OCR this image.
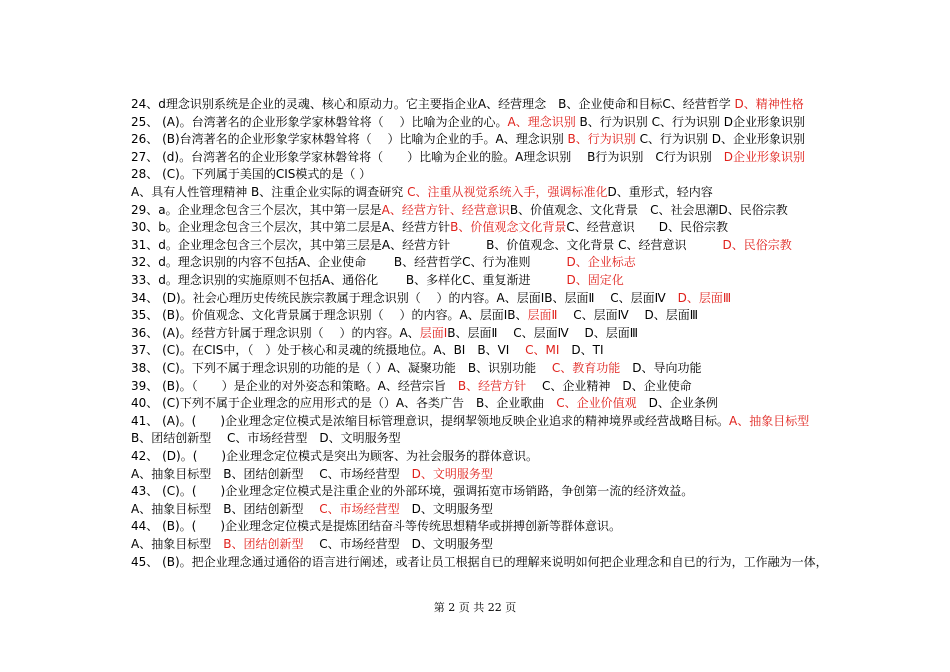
24、d理念识别系统是企业的灵魂、核心和原动力。它主要指企业A、经营理念　B、企业使命和目标C、经营哲学 D、精神性格
25、 (A)。台湾著名的企业形象学家林磐耸将（　 ）比喻为企业的心。A、理念识别 B、行为识别 C、行为识别 D企业形象识别
26、 (B)台湾著名的企业形象学家林磐耸将（　 ）比喻为企业的手。A、理念识别 B、行为识别 C、行为识别 D、企业形象识别
27、 (d)。台湾著名的企业形象学家林磐耸将（　　）比喻为企业的脸。A理念识别　 B行为识别　C行为识别　D企业形象识别
28、 (C)。下列属于美国的CIS模式的是（ ）
A、具有人性管理精神 B、注重企业实际的调查研究 C、注重从视觉系统入手，强调标准化D、重形式，轻内容
29、a。企业理念包含三个层次，其中第一层是A、经营方针、经营意识B、价值观念、文化背景　C、社会思潮D、民俗宗教
30、b。企业理念包含三个层次，其中第二层是A、经营方针B、价值观念文化背景C、经营意识　　D、民俗宗教
31、d。企业理念包含三个层次，其中第三层是A、经营方针　　　B、价值观念、文化背景 C、经营意识　　　D、民俗宗教
32、d。理念识别的内容不包括A、企业使命　　 B、经营哲学C、行为准则　　　D、企业标志
33、d。理念识别的实施原则不包括A、通俗化　　 B、多样化C、重复渐进　　　D、固定化
34、 (D)。社会心理历史传统民族宗教属于理念识别（　 ）的内容。A、层面ⅠB、层面Ⅱ　 C、层面Ⅳ　D、层面Ⅲ
35、 (B)。价值观念、文化背景属于理念识别（　 ）的内容。A、层面ⅠB、层面Ⅱ　 C、层面Ⅳ　 D、层面Ⅲ
36、 (A)。经营方针属于理念识别（　 ）的内容。A、层面ⅠB、层面Ⅱ　 C、层面Ⅳ　 D、层面Ⅲ
37、 (C)。在CIS中，（　）处于核心和灵魂的统摄地位。A、BI　B、VI　 C、MI　D、TI
38、 (C)。下列不属于理念识别的功能的是（ ）A、凝聚功能　B、识别功能　 C、教育功能　D、导向功能
39、 (B)。（　　）是企业的对外姿态和策略。A、经营宗旨　B、经营方针　 C、企业精神　D、企业使命
40、 (C)下列不属于企业理念的应用形式的是（）A、各类广告　B、企业歌曲　C、企业价值观　D、企业条例
41、 (A)。(　　)企业理念定位模式是浓缩目标管理意识，提纲挈领地反映企业追求的精神境界或经营战略目标。A、抽象目标型
B、团结创新型　 C、市场经营型　D、文明服务型
42、 (D)。(　　)企业理念定位模式是突出为顾客、为社会服务的群体意识。
A、抽象目标型　B、团结创新型　 C、市场经营型　D、文明服务型
43、 (C)。(　　)企业理念定位模式是注重企业的外部环境，强调拓宽市场销路，争创第一流的经济效益。
A、抽象目标型　B、团结创新型　 C、市场经营型　D、文明服务型
44、 (B)。(　　)企业理念定位模式是提炼团结奋斗等传统思想精华或拼搏创新等群体意识。
A、抽象目标型　B、团结创新型　 C、市场经营型　D、文明服务型
45、 (B)。把企业理念通过通俗的语言进行阐述，或者让员工根据自已的理解来说明如何把企业理念和自已的行为，工作融为一体，
第 2 页 共 22 页
